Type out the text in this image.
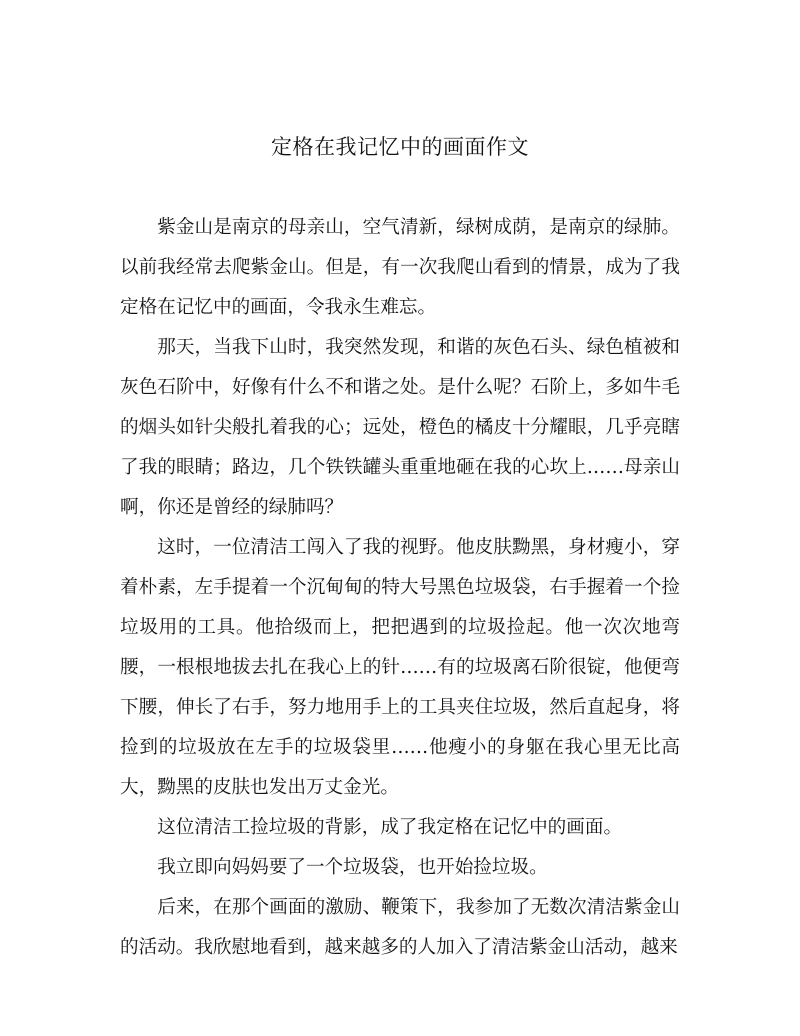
定格在我记忆中的画面作文

紫金山是南京的母亲山，空气清新，绿树成荫，是南京的绿肺。以前我经常去爬紫金山。但是，有一次我爬山看到的情景，成为了我定格在记忆中的画面，令我永生难忘。

那天，当我下山时，我突然发现，和谐的灰色石头、绿色植被和灰色石阶中，好像有什么不和谐之处。是什么呢？石阶上，多如牛毛的烟头如针尖般扎着我的心；远处，橙色的橘皮十分耀眼，几乎亮瞎了我的眼睛；路边，几个铁铁罐头重重地砸在我的心坎上……母亲山啊，你还是曾经的绿肺吗？

这时，一位清洁工闯入了我的视野。他皮肤黝黑，身材瘦小，穿着朴素，左手提着一个沉甸甸的特大号黑色垃圾袋，右手握着一个捡垃圾用的工具。他拾级而上，把把遇到的垃圾捡起。他一次次地弯腰，一根根地拔去扎在我心上的针……有的垃圾离石阶很锭，他便弯下腰，伸长了右手，努力地用手上的工具夹住垃圾，然后直起身，将捡到的垃圾放在左手的垃圾袋里……他瘦小的身躯在我心里无比高大，黝黑的皮肤也发出万丈金光。

这位清洁工捡垃圾的背影，成了我定格在记忆中的画面。

我立即向妈妈要了一个垃圾袋，也开始捡垃圾。

后来，在那个画面的激励、鞭策下，我参加了无数次清洁紫金山的活动。我欣慰地看到，越来越多的人加入了清洁紫金山活动，越来
